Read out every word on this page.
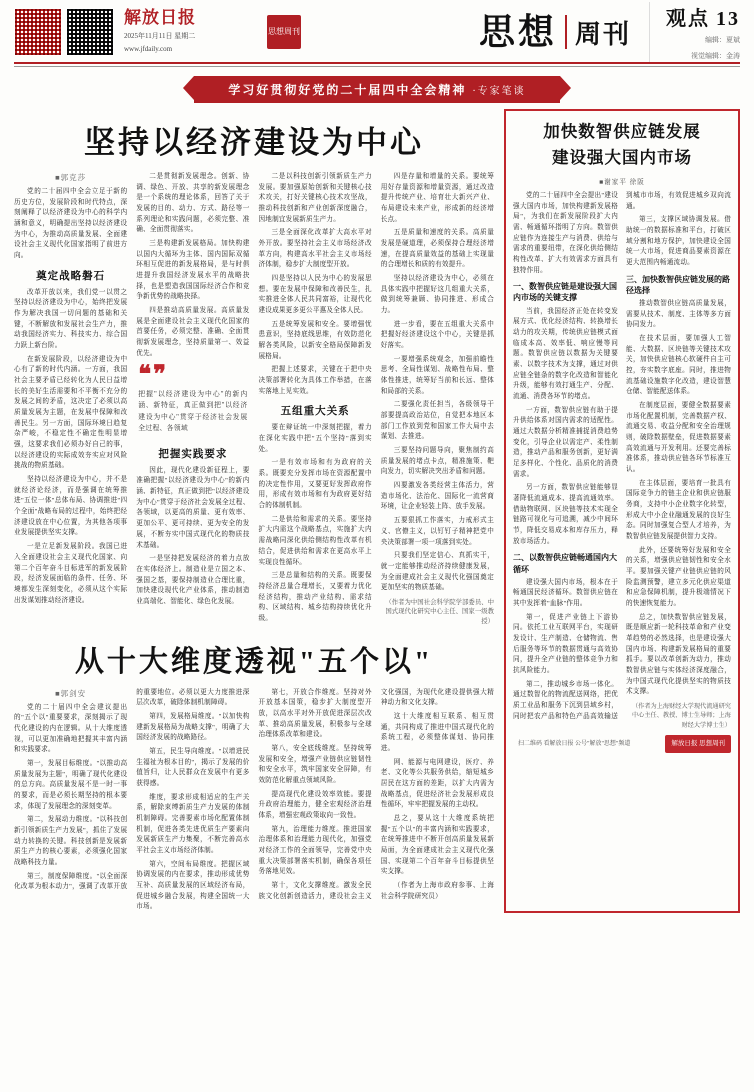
解放日报
2025年11月11日 星期二
www.jfdaily.com
思想周刊	思想 周刊
观点 13
编辑：夏斌
视觉编辑：金涛
学习好贯彻好党的二十届四中全会精神 ·专家笔谈
坚持以经济建设为中心
■郭克莎

党的二十届四中全会立足于新的历史方位，发展阶段和时代特点，深刻阐释了以经济建设为中心的科学内涵和意义，明确提出坚持以经济建设为中心，为推动高质量发展、全面建设社会主义现代化国家指明了前进方向。

奠定战略磐石

改革开放以来，我们党一以贯之坚持以经济建设为中心，始终把发展作为解决我国一切问题的基础和关键，不断解放和发展社会生产力，推动我国经济实力、科技实力、综合国力跃上新台阶。

在新发展阶段，以经济建设为中心有了新的时代内涵。一方面，我国社会主要矛盾已经转化为人民日益增长的美好生活需要和不平衡不充分的发展之间的矛盾，这决定了必须以高质量发展为主题，在发展中保障和改善民生。另一方面，国际环境日趋复杂严峻，不稳定性不确定性明显增强，这要求我们必须办好自己的事，以经济建设的实际成效夯实应对风险挑战的物质基础。

坚持以经济建设为中心，并不是就经济论经济，而是强调在统筹推进"五位一体"总体布局、协调推进"四个全面"战略布局的过程中，始终把经济建设放在中心位置，为其他各项事业发展提供坚实支撑。

一是立足新发展阶段。我国已进入全面建设社会主义现代化国家、向第二个百年奋斗目标进军的新发展阶段，经济发展面临的条件、任务、环境都发生深刻变化，必须从这个实际出发谋划推动经济建设。

二是贯彻新发展理念。创新、协调、绿色、开放、共享的新发展理念是一个系统的理论体系，回答了关于发展的目的、动力、方式、路径等一系列理论和实践问题，必须完整、准确、全面贯彻落实。

三是构建新发展格局。加快构建以国内大循环为主体、国内国际双循环相互促进的新发展格局，是与时俱进提升我国经济发展水平的战略抉择，也是塑造我国国际经济合作和竞争新优势的战略抉择。

四是推动高质量发展。高质量发展是全面建设社会主义现代化国家的首要任务，必须完整、准确、全面贯彻新发展理念，坚持质量第一、效益优先。

❝❞

把握"以经济建设为中心"的新内涵、新特征，真正做到把"以经济建设为中心"贯穿于经济社会发展全过程、各领域

把握实践要求

因此，现代化建设新征程上，要准确把握"以经济建设为中心"的新内涵、新特征，真正做到把"以经济建设为中心"贯穿于经济社会发展全过程、各领域，以更高的质量、更有效率、更加公平、更可持续、更为安全的发展，不断夯实中国式现代化的物质技术基础。

一是坚持把发展经济的着力点放在实体经济上。制造业是立国之本、强国之基，要保持制造业合理比重，加快建设现代化产业体系，推动制造业高端化、智能化、绿色化发展。

二是以科技创新引领新质生产力发展。要加强原始创新和关键核心技术攻关，打好关键核心技术攻坚战，推动科技创新和产业创新深度融合，因地制宜发展新质生产力。

三是全面深化改革扩大高水平对外开放。要坚持社会主义市场经济改革方向，构建高水平社会主义市场经济体制，稳步扩大制度型开放。

四是坚持以人民为中心的发展思想。要在发展中保障和改善民生，扎实推进全体人民共同富裕，让现代化建设成果更多更公平惠及全体人民。

五是统筹发展和安全。要增强忧患意识，坚持底线思维，有效防范化解各类风险，以新安全格局保障新发展格局。

把握上述要求，关键在于把中央决策部署转化为具体工作举措，在落实落地上见实效。

五组重大关系

要在辩证统一中深刻把握，着力在深化实践中把"五个坚持"落到实处。

一是有效市场和有为政府的关系。既要充分发挥市场在资源配置中的决定性作用，又要更好发挥政府作用，形成有效市场和有为政府更好结合的体制机制。

二是供给和需求的关系。要坚持扩大内需这个战略基点，实施扩大内需战略同深化供给侧结构性改革有机结合，促进供给和需求在更高水平上实现良性循环。

三是总量和结构的关系。既要保持经济总量合理增长，又要着力优化经济结构，推动产业结构、需求结构、区域结构、城乡结构持续优化升级。

四是存量和增量的关系。要统筹用好存量资源和增量资源，通过改造提升传统产业、培育壮大新兴产业、布局建设未来产业，形成新的经济增长点。

五是质量和速度的关系。高质量发展是硬道理，必须保持合理经济增速，在提高质量效益的基础上实现量的合理增长和质的有效提升。

坚持以经济建设为中心，必须在具体实践中把握好这几组重大关系，做到统筹兼顾、协同推进、形成合力。

进一步看，要在五组重大关系中把握好经济建设这个中心，关键是抓好落实。

一要增强系统观念，加强前瞻性思考、全局性谋划、战略性布局、整体性推进，统筹好当前和长远、整体和局部的关系。

二要强化责任担当，各级领导干部要提高政治站位，自觉把本地区本部门工作放到党和国家工作大局中去谋划、去推进。

三要坚持问题导向，聚焦制约高质量发展的堵点卡点，精准施策、靶向发力，切实解决突出矛盾和问题。

四要激发各类经营主体活力，营造市场化、法治化、国际化一流营商环境，让企业轻装上阵、放手发展。

五要狠抓工作落实，力戒形式主义、官僚主义，以钉钉子精神把党中央决策部署一项一项落到实处。

只要我们坚定信心、真抓实干，就一定能够推动经济持续健康发展，为全面建成社会主义现代化强国奠定更加坚实的物质基础。

（作者为中国社会科学院学部委员、中国式现代化研究中心主任、国家一级教授）
从十大维度透视"五个以"
■郭剑安

党的二十届四中全会建议提出的"五个以"重要要求，深刻揭示了现代化建设的内在逻辑。从十大维度透视，可以更加准确地把握其丰富内涵和实践要求。

第一，发展目标维度。"以推动高质量发展为主题"，明确了现代化建设的总方向。高质量发展不是一时一事的要求，而是必须长期坚持的根本要求，体现了发展理念的深刻变革。

第二，发展动力维度。"以科技创新引领新质生产力发展"，抓住了发展动力转换的关键。科技创新是发展新质生产力的核心要素，必须强化国家战略科技力量。

第三，制度保障维度。"以全面深化改革为根本动力"，强调了改革开放的重要地位。必须以更大力度推进深层次改革，破除体制机制障碍。

第四，发展格局维度。"以加快构建新发展格局为战略支撑"，明确了大国经济发展的战略路径。

第五，民生导向维度。"以增进民生福祉为根本目的"，揭示了发展的价值旨归，让人民群众在发展中有更多获得感。

维度，要求形成相适应的生产关系，解除束缚新质生产力发展的体制机制障碍。完善要素市场化配置体制机制，促进各类先进优质生产要素向发展新质生产力集聚，不断完善高水平社会主义市场经济体制。

第六，空间布局维度。把握区域协调发展的内在要求，推动形成优势互补、高质量发展的区域经济布局，促进城乡融合发展，构建全国统一大市场。

第七，开放合作维度。坚持对外开放基本国策，稳步扩大制度型开放，以高水平对外开放促进深层次改革、推动高质量发展，积极参与全球治理体系改革和建设。

第八，安全底线维度。坚持统筹发展和安全，增强产业链供应链韧性和安全水平，筑牢国家安全屏障，有效防范化解重点领域风险。

提高现代化建设效率效能。要提升政府治理能力，健全宏观经济治理体系，增强宏观政策取向一致性。

第九，治理能力维度。推进国家治理体系和治理能力现代化，加强党对经济工作的全面领导，完善党中央重大决策部署落实机制，确保各项任务落地见效。

第十，文化支撑维度。激发全民族文化创新创造活力，建设社会主义文化强国，为现代化建设提供强大精神动力和文化支撑。

这十大维度相互联系、相互贯通，共同构成了推进中国式现代化的系统工程，必须整体谋划、协同推进。

网、能源与电网建设，医疗、养老、文化等公共服务供给，缩短城乡居民在这方面的差距，以扩大内需为战略基点，促进经济社会发展形成良性循环，牢牢把握发展的主动权。

总之，要从这十大维度系统把握"五个以"的丰富内涵和实践要求，在统筹推进中不断开创高质量发展新局面，为全面建成社会主义现代化强国、实现第二个百年奋斗目标提供坚实支撑。

（作者为上海市政府参事、上海社会科学院研究员）

加快数智供应链发展
建设强大国内市场
■谢家平 徐阪

党的二十届四中全会提出"建设强大国内市场，加快构建新发展格局"，为我们在新发展阶段扩大内需、畅通循环指明了方向。数智供应链作为连接生产与消费、供给与需求的重要纽带，在深化供给侧结构性改革、扩大有效需求方面具有独特作用。

一、数智供应链是建设强大国内市场的关键支撑

当前，我国经济正处在转变发展方式、优化经济结构、转换增长动力的攻关期，传统供应链模式面临成本高、效率低、响应慢等问题。数智供应链以数据为关键要素、以数字技术为支撑，通过对供应链全链条的数字化改造和智能化升级，能够有效打通生产、分配、流通、消费各环节的堵点。

一方面，数智供应链有助于提升供给体系对国内需求的适配性。通过大数据分析精准捕捉消费趋势变化，引导企业以需定产、柔性制造，推动产品和服务创新，更好满足多样化、个性化、品质化的消费需求。

另一方面，数智供应链能够显著降低流通成本、提高流通效率。借助物联网、区块链等技术实现全链路可视化与可追溯，减少中间环节，降低交易成本和库存压力，释放市场活力。

二、以数智供应链畅通国内大循环

建设强大国内市场，根本在于畅通国民经济循环。数智供应链在其中发挥着"血脉"作用。

第一，促进产业链上下游协同。依托工业互联网平台，实现研发设计、生产制造、仓储物流、售后服务等环节的数据贯通与高效协同，提升全产业链的整体竞争力和抗风险能力。

第二，推动城乡市场一体化。通过数智化的物流配送网络，把优质工业品和服务下沉到县域乡村，同时把农产品和特色产品高效输送到城市市场，有效促进城乡双向流通。

第三，支撑区域协调发展。借助统一的数据标准和平台，打破区域分割和地方保护，加快建设全国统一大市场，促进商品要素资源在更大范围内畅通流动。

三、加快数智供应链发展的路径选择

推动数智供应链高质量发展，需要从技术、制度、主体等多方面协同发力。

在技术层面，要加强人工智能、大数据、区块链等关键技术攻关，加快供应链核心软硬件自主可控，夯实数字底座。同时，推进物流基础设施数字化改造，建设智慧仓储、智能配送体系。

在制度层面，要健全数据要素市场化配置机制，完善数据产权、流通交易、收益分配和安全治理规则，破除数据壁垒，促进数据要素高效流通与开发利用。还要完善标准体系，推动供应链各环节标准互认。

在主体层面，要培育一批具有国际竞争力的链主企业和供应链服务商，支持中小企业数字化转型，形成大中小企业融通发展的良好生态。同时加强复合型人才培养，为数智供应链发展提供智力支持。

此外，还要统筹好发展和安全的关系，增强供应链韧性和安全水平。要加强关键产业链供应链的风险监测预警，建立多元化供应渠道和应急保障机制，提升极端情况下的快速恢复能力。

总之，加快数智供应链发展，既是顺应新一轮科技革命和产业变革趋势的必然选择，也是建设强大国内市场、构建新发展格局的重要抓手。要以改革创新为动力，推动数智供应链与实体经济深度融合，为中国式现代化提供坚实的物质技术支撑。

（作者为上海财经大学现代流通研究中心主任、教授、博士生导师；上海财经大学博士生）
扫二维码 看解放日报 公号"解放"思想"频道	解放日报 思想周刊
